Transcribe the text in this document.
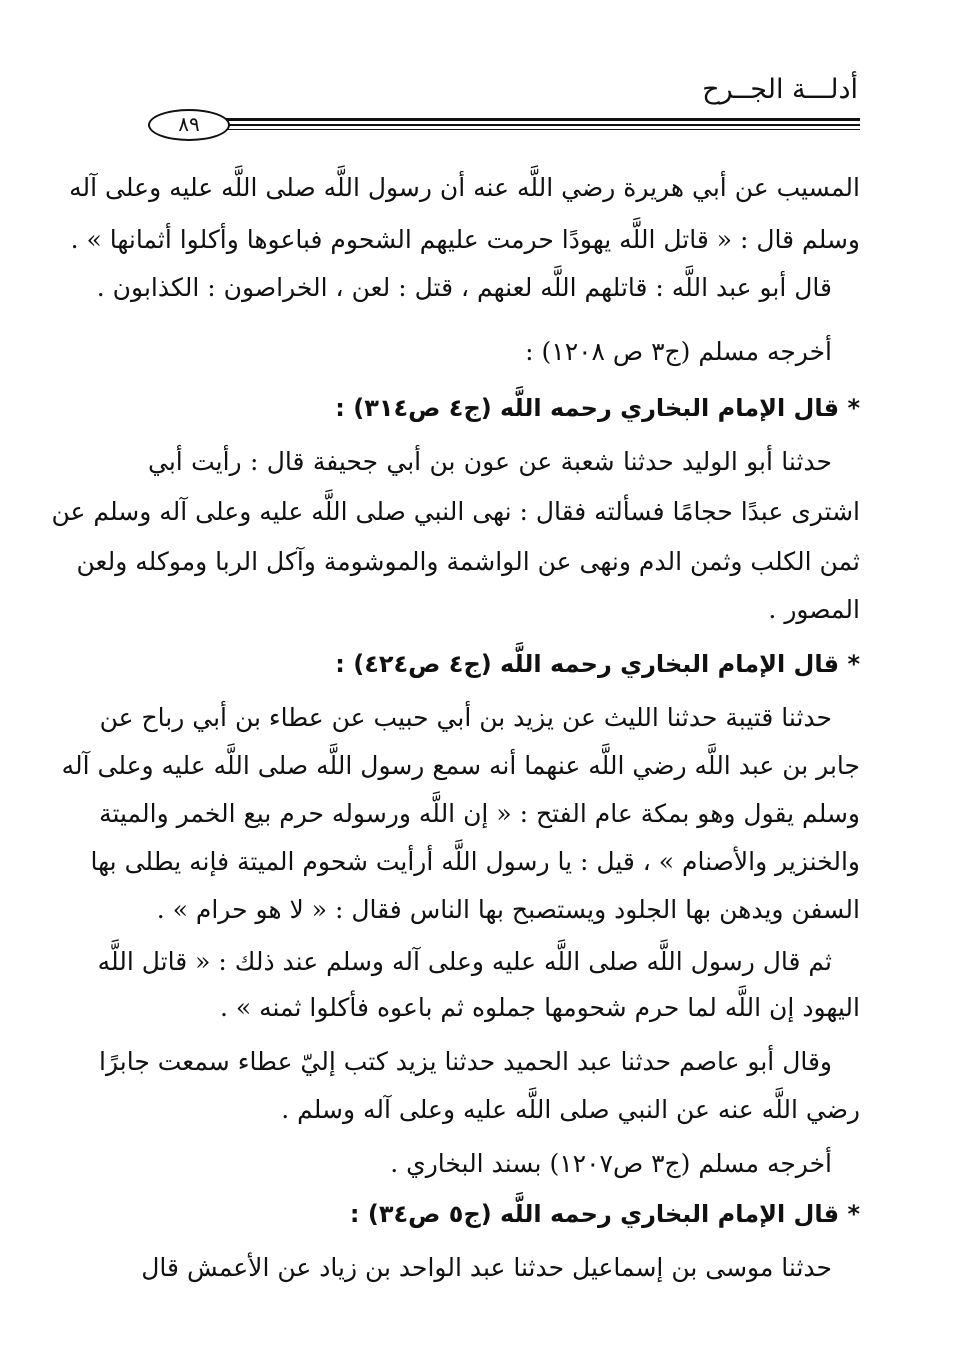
أدلـــة الجــرح
٨٩
المسيب عن أبي هريرة رضي اللَّه عنه أن رسول اللَّه صلى اللَّه عليه وعلى آله
وسلم قال : « قاتل اللَّه يهودًا حرمت عليهم الشحوم فباعوها وأكلوا أثمانها » .
قال أبو عبد اللَّه : قاتلهم اللَّه لعنهم ، قتل : لعن ، الخراصون : الكذابون .
أخرجه مسلم (ج٣ ص ١٢٠٨) :
* قال الإمام البخاري رحمه اللَّه (ج٤ ص٣١٤) :
حدثنا أبو الوليد حدثنا شعبة عن عون بن أبي جحيفة قال : رأيت أبي
اشترى عبدًا حجامًا فسألته فقال : نهى النبي صلى اللَّه عليه وعلى آله وسلم عن
ثمن الكلب وثمن الدم ونهى عن الواشمة والموشومة وآكل الربا وموكله ولعن
المصور .
* قال الإمام البخاري رحمه اللَّه (ج٤ ص٤٢٤) :
حدثنا قتيبة حدثنا الليث عن يزيد بن أبي حبيب عن عطاء بن أبي رباح عن
جابر بن عبد اللَّه رضي اللَّه عنهما أنه سمع رسول اللَّه صلى اللَّه عليه وعلى آله
وسلم يقول وهو بمكة عام الفتح : « إن اللَّه ورسوله حرم بيع الخمر والميتة
والخنزير والأصنام » ، قيل : يا رسول اللَّه أرأيت شحوم الميتة فإنه يطلى بها
السفن ويدهن بها الجلود ويستصبح بها الناس فقال : « لا هو حرام » .
ثم قال رسول اللَّه صلى اللَّه عليه وعلى آله وسلم عند ذلك : « قاتل اللَّه
اليهود إن اللَّه لما حرم شحومها جملوه ثم باعوه فأكلوا ثمنه » .
وقال أبو عاصم حدثنا عبد الحميد حدثنا يزيد كتب إليّ عطاء سمعت جابرًا
رضي اللَّه عنه عن النبي صلى اللَّه عليه وعلى آله وسلم .
أخرجه مسلم (ج٣ ص١٢٠٧) بسند البخاري .
* قال الإمام البخاري رحمه اللَّه (ج٥ ص٣٤) :
حدثنا موسى بن إسماعيل حدثنا عبد الواحد بن زياد عن الأعمش قال
